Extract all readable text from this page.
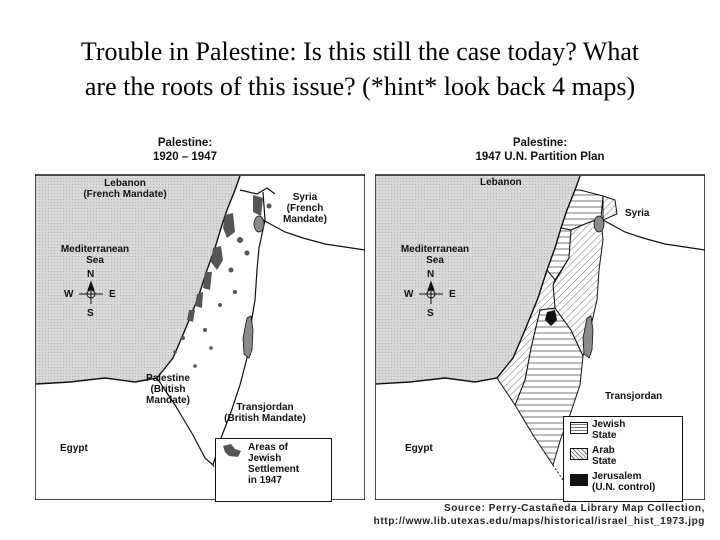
Trouble in Palestine: Is this still the case today? What
are the roots of this issue? (*hint* look back 4 maps)
Palestine:
1920 – 1947
Lebanon
(French Mandate)	Syria
(French
Mandate)
Mediterranean
Sea
W	E
S
N
Palestine
(British
Mandate)
Transjordan
(British Mandate)
Egypt	Areas of
Jewish
Settlement
in 1947
Palestine:
1947 U.N. Partition Plan
Lebanon
Syria
Mediterranean
Sea
W	E
S
N
Transjordan
Egypt
Jewish
State
Arab
State
Jerusalem
(U.N. control)
Source: Perry-Castañeda Library Map Collection,
http://www.lib.utexas.edu/maps/historical/israel_hist_1973.jpg
